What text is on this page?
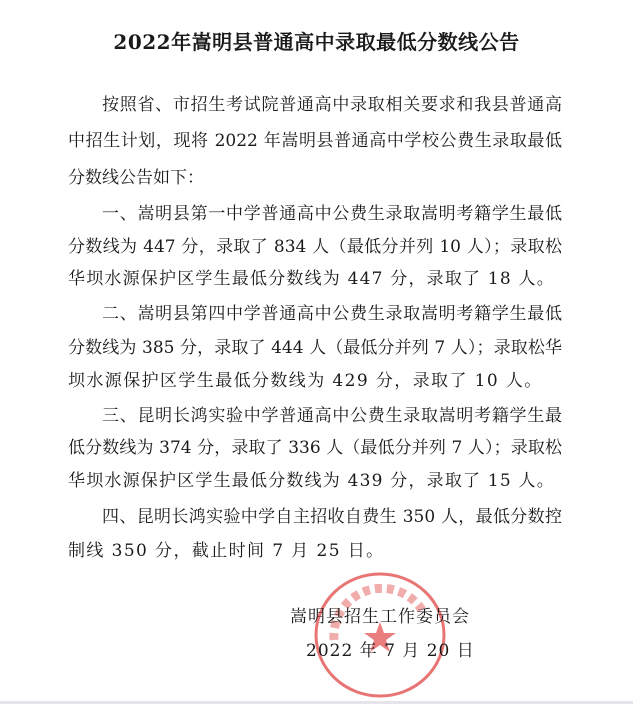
2022年嵩明县普通高中录取最低分数线公告
按照省、市招生考试院普通高中录取相关要求和我县普通高
中招生计划，现将 2022 年嵩明县普通高中学校公费生录取最低
分数线公告如下：
一、嵩明县第一中学普通高中公费生录取嵩明考籍学生最低
分数线为 447 分，录取了 834 人（最低分并列 10 人）；录取松
华坝水源保护区学生最低分数线为 447 分，录取了 18 人。
二、嵩明县第四中学普通高中公费生录取嵩明考籍学生最低
分数线为 385 分，录取了 444 人（最低分并列 7 人）；录取松华
坝水源保护区学生最低分数线为 429 分，录取了 10 人。
三、昆明长鸿实验中学普通高中公费生录取嵩明考籍学生最
低分数线为 374 分，录取了 336 人（最低分并列 7 人）；录取松
华坝水源保护区学生最低分数线为 439 分，录取了 15 人。
四、昆明长鸿实验中学自主招收自费生 350 人，最低分数控
制线 350 分，截止时间 7 月 25 日。
嵩明县招生工作委员会
2022 年 7 月 20 日
